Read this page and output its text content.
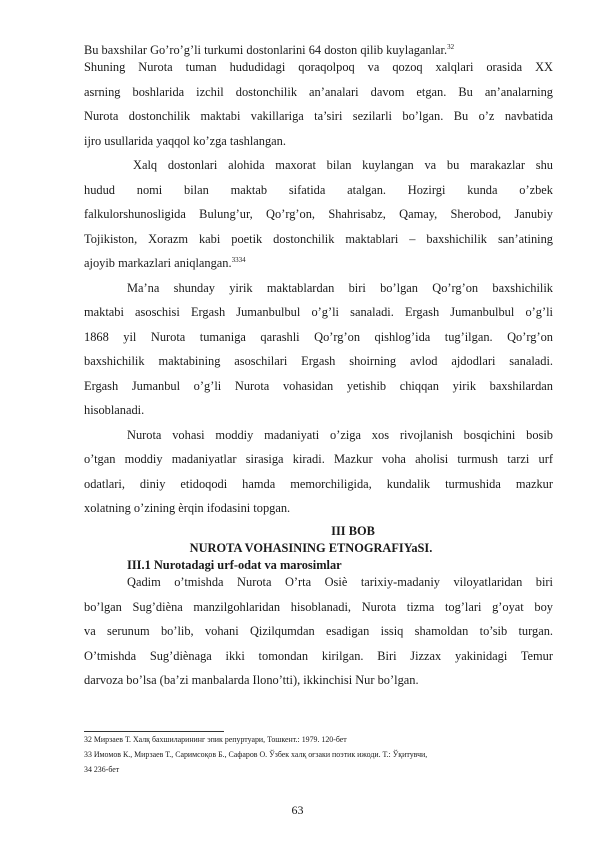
Bu baxshilar Go’ro’g’li turkumi dostonlarini 64 doston qilib kuylaganlar.$^{32}$
Shuning Nurota tuman hududidagi qoraqolpoq va qozoq xalqlari orasida XX
asrning boshlarida izchil dostonchilik an’analari davom etgan. Bu an’analarning
Nurota dostonchilik maktabi vakillariga ta’siri sezilarli bo’lgan. Bu o’z navbatida
ijro usullarida yaqqol ko’zga tashlangan.
Xalq dostonlari alohida maxorat bilan kuylangan va bu marakazlar shu
hudud nomi bilan maktab sifatida atalgan. Hozirgi kunda o’zbek
falkulorshunosligida Bulung’ur, Qo’rg’on, Shahrisabz, Qamay, Sherobod, Janubiy
Tojikiston, Xorazm kabi poetik dostonchilik maktablari – baxshichilik san’atining
ajoyib markazlari aniqlangan.$^{3334}$
Ma’na shunday yirik maktablardan biri bo’lgan Qo’rg’on baxshichilik
maktabi asoschisi Ergash Jumanbulbul o’g’li sanaladi. Ergash Jumanbulbul o’g’li
1868 yil Nurota tumaniga qarashli Qo’rg’on qishlog’ida tug’ilgan. Qo’rg’on
baxshichilik maktabining asoschilari Ergash shoirning avlod ajdodlari sanaladi.
Ergash Jumanbul o’g’li Nurota vohasidan yetishib chiqqan yirik baxshilardan
hisoblanadi.
Nurota vohasi moddiy madaniyati o’ziga xos rivojlanish bosqichini bosib
o’tgan moddiy madaniyatlar sirasiga kiradi. Mazkur voha aholisi turmush tarzi urf
odatlari, diniy etidoqodi hamda memorchiligida, kundalik turmushida mazkur
xolatning o’zining ѐrqin ifodasini topgan.
III BOB
NUROTA VOHASINING ETNOGRAFIYaSI.
III.1 Nurotadagi urf-odat va marosimlar
Qadim o’tmishda Nurota O’rta Osiѐ tarixiy-madaniy viloyatlaridan biri
bo’lgan Sug’diѐna manzilgohlaridan hisoblanadi, Nurota tizma tog’lari g’oyat boy
va serunum bo’lib, vohani Qizilqumdan esadigan issiq shamoldan to’sib turgan.
O’tmishda Sug’diѐnaga ikki tomondan kirilgan. Biri Jizzax yakinidagi Temur
darvoza bo’lsa (ba’zi manbalarda Ilono’tti), ikkinchisi Nur bo’lgan.
32 Мирзаев Т. Халқ бахшиларининг эпик репуртуари, Тошкент.: 1979. 120-бет
33 Имомов К., Мирзаев Т., Саримсоқов Б., Сафаров О. Ўзбек халқ оғзаки поэтик ижоди. Т.: Ўқитувчи,
34 236-бет
63
